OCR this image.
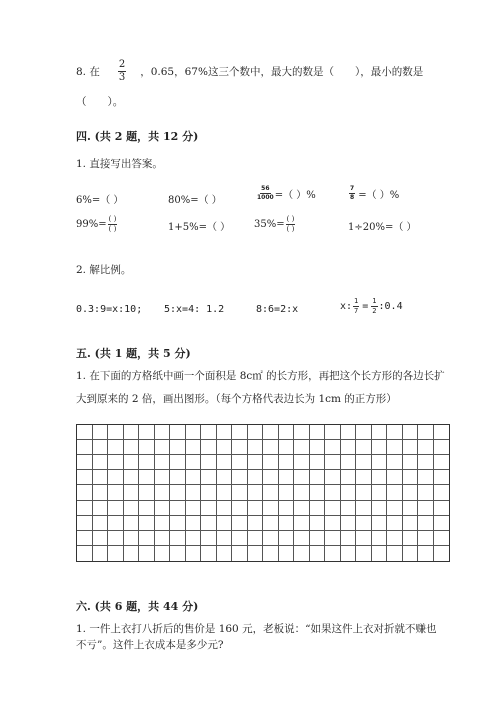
8. 在 $\frac{2}{3}$ ，0.65，67%这三个数中，最大的数是（　　），最小的数是
（　　）。
四. (共 2 题，共 12 分)
1. 直接写出答案。
6%=（ ）	80%=（ ）	$\frac{56}{1000}$ =（ ）%	$\frac{7}{8}$ =（ ）%
$99\%= \frac{( )}{( )}$	1+5%=（ ） $35\%= \frac{( )}{( )}$	1÷20%=（ ）
2. 解比例。
0.3:9=x:10; 5:x=4: 1.2	8:6=2:x	x: $\frac{1}{7} = \frac{1}{2}$ :0.4
五. (共 1 题，共 5 分)
1. 在下面的方格纸中画一个面积是 8c㎡ 的长方形，再把这个长方形的各边长扩
大到原来的 2 倍，画出图形。（每个方格代表边长为 1cm 的正方形）
六. (共 6 题，共 44 分)
1. 一件上衣打八折后的售价是 160 元，老板说：“如果这件上衣对折就不赚也
不亏”。这件上衣成本是多少元?
